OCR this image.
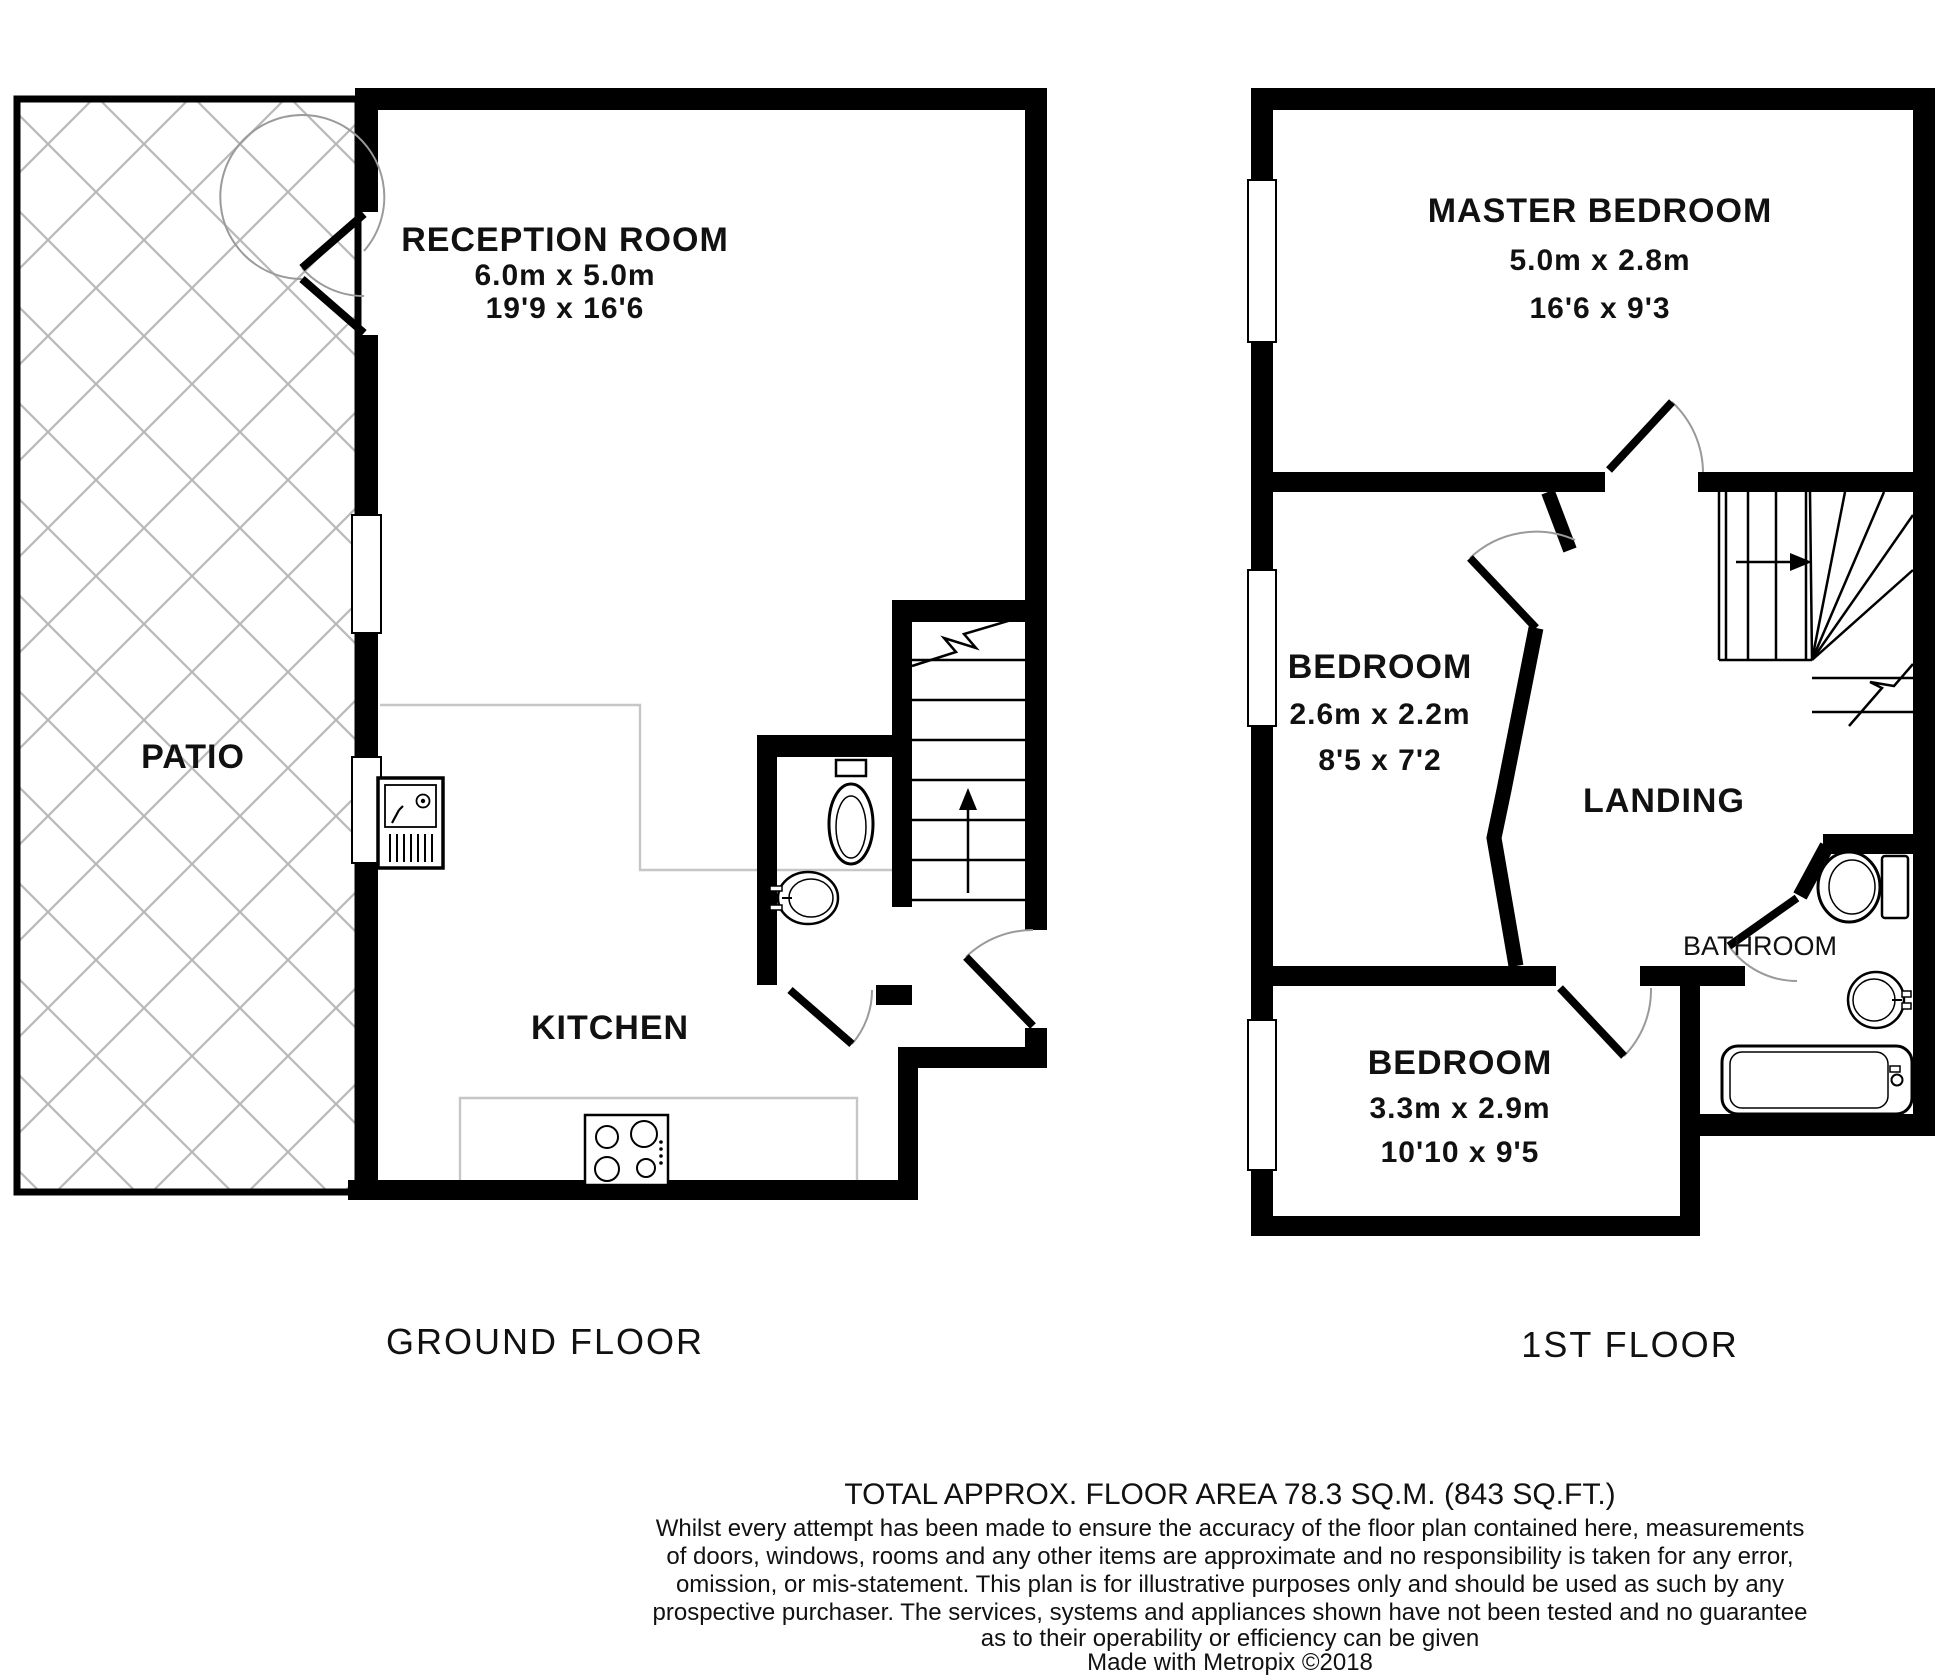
PATIO
RECEPTION ROOM
6.0m x 5.0m
19'9 x 16'6
KITCHEN
GROUND FLOOR
MASTER BEDROOM
5.0m x 2.8m
16'6 x 9'3
BEDROOM
2.6m x 2.2m
8'5 x 7'2
LANDING
BATHROOM
BEDROOM
3.3m x 2.9m
10'10 x 9'5
1ST FLOOR
TOTAL APPROX. FLOOR AREA 78.3 SQ.M. (843 SQ.FT.)
Whilst every attempt has been made to ensure the accuracy of the floor plan contained here, measurements
of doors, windows, rooms and any other items are approximate and no responsibility is taken for any error,
omission, or mis-statement. This plan is for illustrative purposes only and should be used as such by any
prospective purchaser. The services, systems and appliances shown have not been tested and no guarantee
as to their operability or efficiency can be given
Made with Metropix ©2018
